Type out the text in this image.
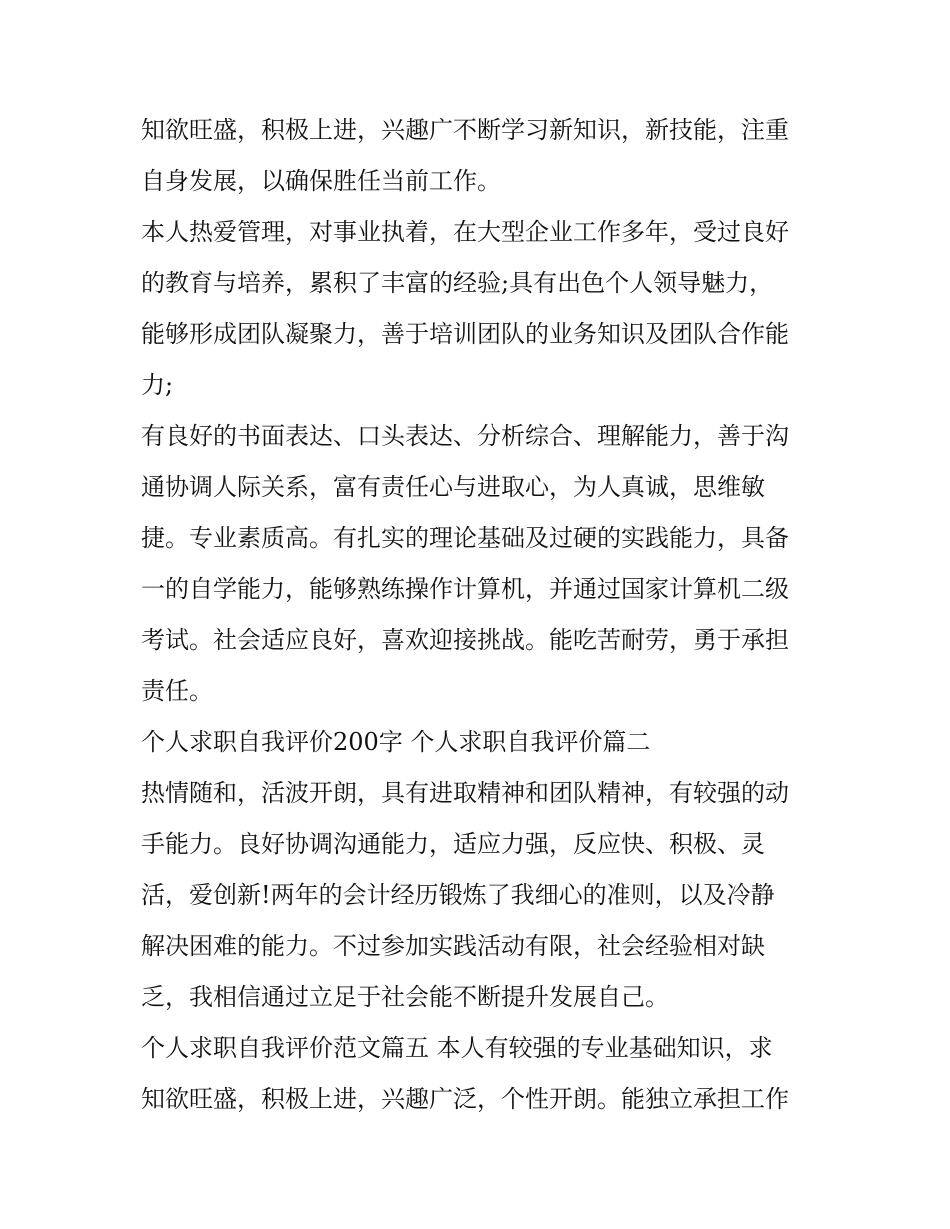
知欲旺盛，积极上进，兴趣广不断学习新知识，新技能，注重
自身发展，以确保胜任当前工作。
本人热爱管理，对事业执着，在大型企业工作多年，受过良好
的教育与培养，累积了丰富的经验;具有出色个人领导魅力，
能够形成团队凝聚力，善于培训团队的业务知识及团队合作能
力;
有良好的书面表达、口头表达、分析综合、理解能力，善于沟
通协调人际关系，富有责任心与进取心，为人真诚，思维敏
捷。专业素质高。有扎实的理论基础及过硬的实践能力，具备
一的自学能力，能够熟练操作计算机，并通过国家计算机二级
考试。社会适应良好，喜欢迎接挑战。能吃苦耐劳，勇于承担
责任。
个人求职自我评价200字 个人求职自我评价篇二
热情随和，活波开朗，具有进取精神和团队精神，有较强的动
手能力。良好协调沟通能力，适应力强，反应快、积极、灵
活，爱创新!两年的会计经历锻炼了我细心的准则，以及冷静
解决困难的能力。不过参加实践活动有限，社会经验相对缺
乏，我相信通过立足于社会能不断提升发展自己。
个人求职自我评价范文篇五 本人有较强的专业基础知识，求
知欲旺盛，积极上进，兴趣广泛，个性开朗。能独立承担工作
